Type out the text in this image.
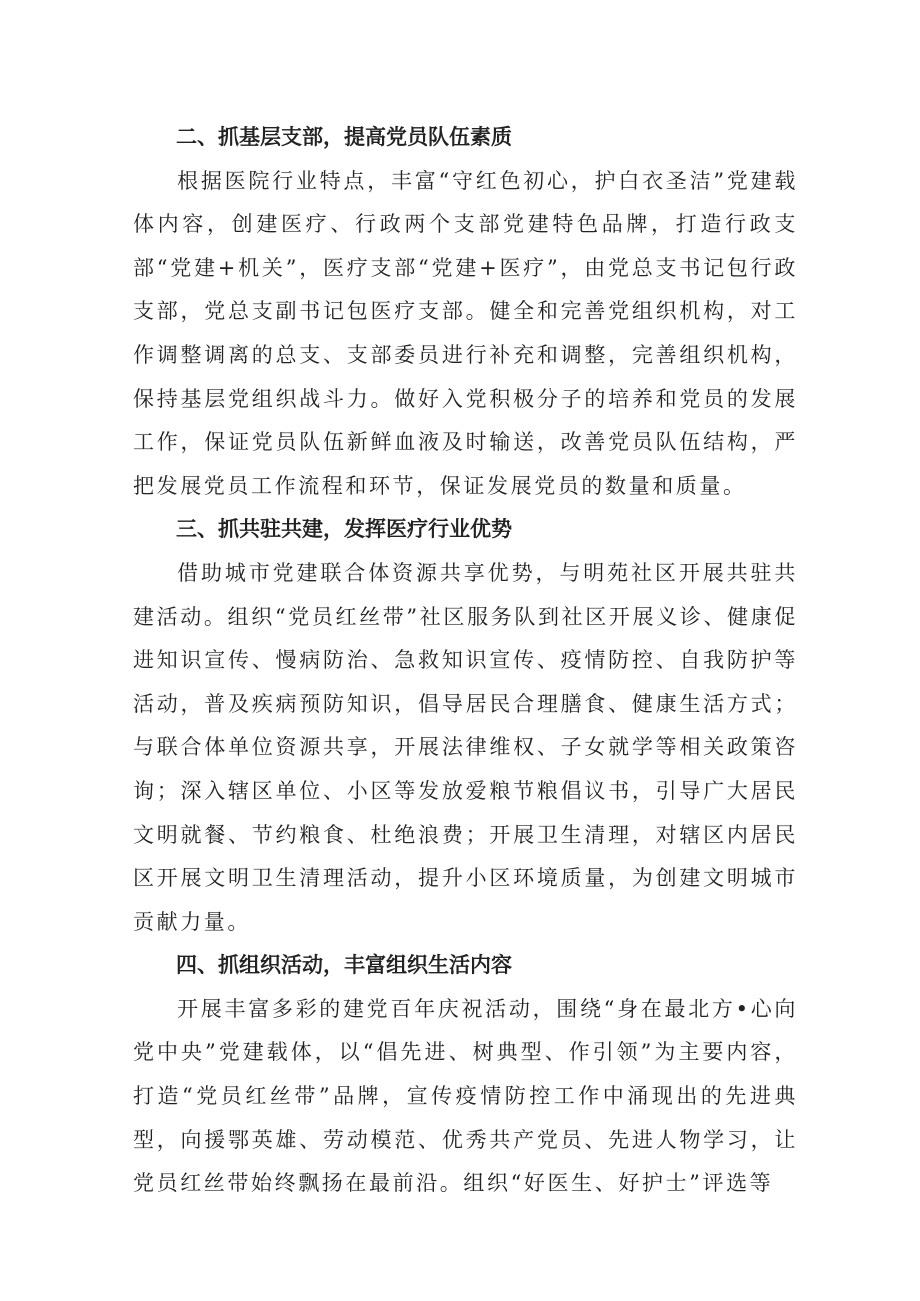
二、抓基层支部，提高党员队伍素质

根据医院行业特点，丰富“守红色初心，护白衣圣洁”党建载体内容，创建医疗、行政两个支部党建特色品牌，打造行政支部“党建+机关”，医疗支部“党建+医疗”，由党总支书记包行政支部，党总支副书记包医疗支部。健全和完善党组织机构，对工作调整调离的总支、支部委员进行补充和调整，完善组织机构，保持基层党组织战斗力。做好入党积极分子的培养和党员的发展工作，保证党员队伍新鲜血液及时输送，改善党员队伍结构，严把发展党员工作流程和环节，保证发展党员的数量和质量。

三、抓共驻共建，发挥医疗行业优势

借助城市党建联合体资源共享优势，与明苑社区开展共驻共建活动。组织“党员红丝带”社区服务队到社区开展义诊、健康促进知识宣传、慢病防治、急救知识宣传、疫情防控、自我防护等活动，普及疾病预防知识，倡导居民合理膳食、健康生活方式；与联合体单位资源共享，开展法律维权、子女就学等相关政策咨询；深入辖区单位、小区等发放爱粮节粮倡议书，引导广大居民文明就餐、节约粮食、杜绝浪费；开展卫生清理，对辖区内居民区开展文明卫生清理活动，提升小区环境质量，为创建文明城市贡献力量。

四、抓组织活动，丰富组织生活内容

开展丰富多彩的建党百年庆祝活动，围绕“身在最北方•心向党中央”党建载体，以“倡先进、树典型、作引领”为主要内容，打造“党员红丝带”品牌，宣传疫情防控工作中涌现出的先进典型，向援鄂英雄、劳动模范、优秀共产党员、先进人物学习，让党员红丝带始终飘扬在最前沿。组织“好医生、好护士”评选等
